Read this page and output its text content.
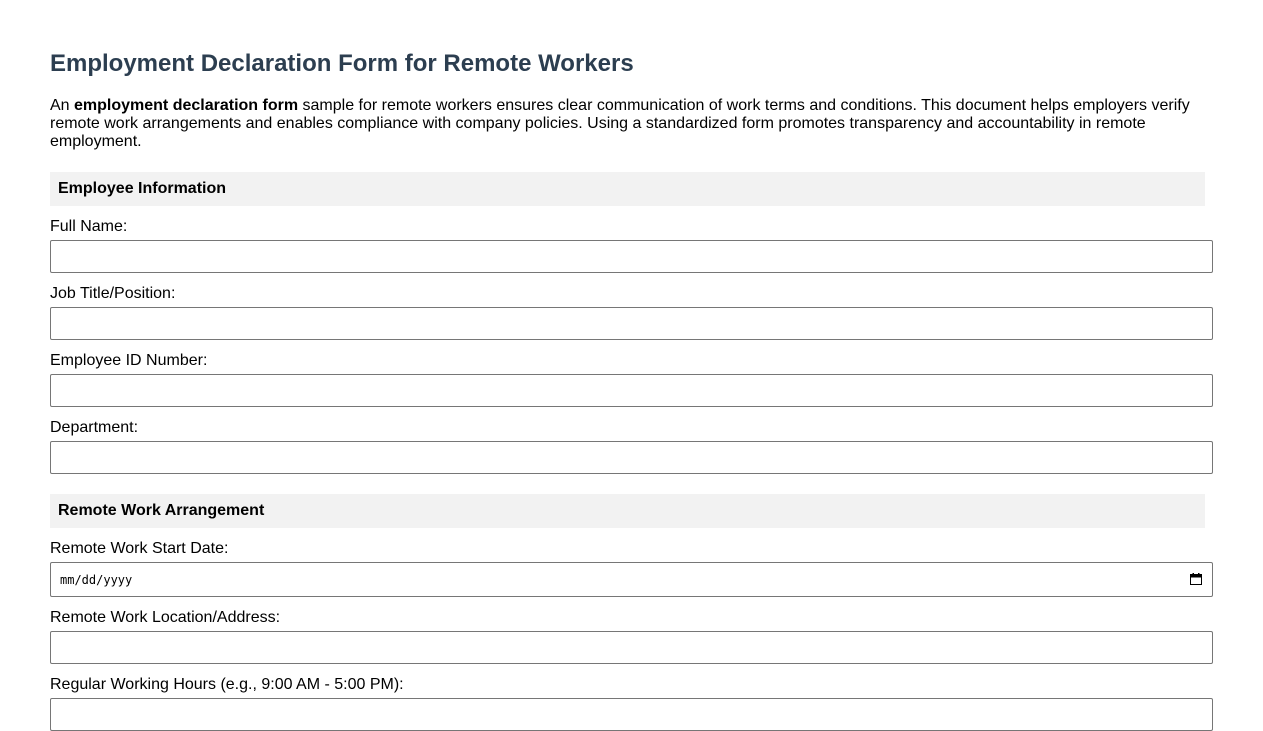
Employment Declaration Form for Remote Workers

An employment declaration form sample for remote workers ensures clear communication of work terms and conditions. This document helps employers verify remote work arrangements and enables compliance with company policies. Using a standardized form promotes transparency and accountability in remote employment.

Employee Information
Full Name:
Job Title/Position:
Employee ID Number:
Department:
Remote Work Arrangement
Remote Work Start Date:
mm/dd/yyyy
Remote Work Location/Address:
Regular Working Hours (e.g., 9:00 AM - 5:00 PM):
